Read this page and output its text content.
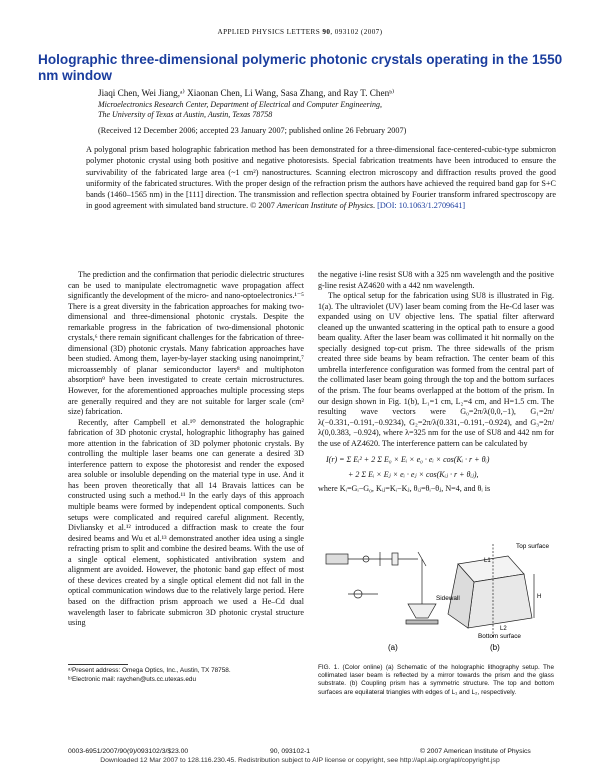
APPLIED PHYSICS LETTERS 90, 093102 (2007)
Holographic three-dimensional polymeric photonic crystals operating in the 1550 nm window
Jiaqi Chen, Wei Jiang,ᵃ⁾ Xiaonan Chen, Li Wang, Sasa Zhang, and Ray T. Chenᵇ⁾
Microelectronics Research Center, Department of Electrical and Computer Engineering,
The University of Texas at Austin, Austin, Texas 78758
(Received 12 December 2006; accepted 23 January 2007; published online 26 February 2007)
A polygonal prism based holographic fabrication method has been demonstrated for a three-dimensional face-centered-cubic-type submicron polymer photonic crystal using both positive and negative photoresists. Special fabrication treatments have been introduced to ensure the survivability of the fabricated large area (~1 cm²) nanostructures. Scanning electron microscopy and diffraction results proved the good uniformity of the fabricated structures. With the proper design of the refraction prism the authors have achieved the required band gap for S+C bands (1460–1565 nm) in the [111] direction. The transmission and reflection spectra obtained by Fourier transform infrared spectroscopy are in good agreement with simulated band structure. © 2007 American Institute of Physics. [DOI: 10.1063/1.2709641]

The prediction and the confirmation that periodic dielectric structures can be used to manipulate electromagnetic wave propagation affect significantly the development of the micro- and nano-optoelectronics.¹⁻⁵ There is a great diversity in the fabrication approaches for making two-dimensional and three-dimensional photonic crystals. Despite the remarkable progress in the fabrication of two-dimensional photonic crystals,⁶ there remain significant challenges for the fabrication of three-dimensional (3D) photonic crystals. Many fabrication approaches have been studied. Among them, layer-by-layer stacking using nanoimprint,⁷ microassembly of planar semiconductor layers⁸ and multiphoton absorption⁹ have been investigated to create certain microstructures. However, for the aforementioned approaches multiple processing steps are generally required and they are not suitable for larger scale (cm² size) fabrication.

Recently, after Campbell et al.¹⁰ demonstrated the holographic fabrication of 3D photonic crystal, holographic lithography has gained more attention in the fabrication of 3D polymer photonic crystals. By controlling the multiple laser beams one can generate a desired 3D interference pattern to expose the photoresist and render the exposed area soluble or insoluble depending on the material type in use. And it has been proven theoretically that all 14 Bravais lattices can be constructed using such a method.¹¹ In the early days of this approach multiple beams were formed by independent optical components. Such setups were complicated and required careful alignment. Recently, Divliansky et al.¹² introduced a diffraction mask to create the four desired beams and Wu et al.¹³ demonstrated another idea using a single refracting prism to split and combine the desired beams. With the use of a single optical element, sophisticated antivibration system and alignment are avoided. However, the photonic band gap effect of most of these devices created by a single optical element did not fall in the optical communication windows due to the relatively large period. Here based on the diffraction prism approach we used a He–Cd dual wavelength laser to fabricate submicron 3D photonic crystal structure using

the negative i-line resist SU8 with a 325 nm wavelength and the positive g-line resist AZ4620 with a 442 nm wavelength.

The optical setup for the fabrication using SU8 is illustrated in Fig. 1(a). The ultraviolet (UV) laser beam coming from the He-Cd laser was expanded using on UV objective lens. The spatial filter afterward cleaned up the unwanted scattering in the optical path to ensure a good beam quality. After the laser beam was collimated it hit normally on the specially designed top-cut prism. The three sidewalls of the prism created three side beams by beam refraction. The center beam of this umbrella interference configuration was formed from the central part of the collimated laser beam going through the top and the bottom surfaces of the prism. The four beams overlapped at the bottom of the prism. In our design shown in Fig. 1(b), L₁=1 cm, L₂=4 cm, and H=1.5 cm. The resulting wave vectors were G₀=2π/λ(0,0,−1), G₁=2π/λ(−0.331,−0.191,−0.9234), G₂=2π/λ(0.331,−0.191,−0.924), and G₃=2π/λ(0,0.383, −0.924), where λ=325 nm for the use of SU8 and 442 nm for the use of AZ4620. The interference pattern can be calculated by

I(r) = Σ Eᵢ² + 2 Σ E₀ × Eᵢ × e₀ · eᵢ × cos(Kᵢ · r + θᵢ)
+ 2 Σ Eᵢ × Eⱼ × eᵢ · eⱼ × cos(Kᵢⱼ · r + θᵢⱼ),

where Kᵢ=Gᵢ−G₀, Kᵢⱼ=Kᵢ−Kⱼ, θᵢⱼ=θᵢ−θⱼ, N=4, and θᵢ is

(a)
Top surface
Sidewall
Bottom surface
L1
L2
H
(b)
FIG. 1. (Color online) (a) Schematic of the holographic lithography setup. The collimated laser beam is reflected by a mirror towards the prism and the glass substrate. (b) Coupling prism has a symmetric structure. The top and bottom surfaces are equilateral triangles with edges of L₁ and L₂, respectively.
ᵃ⁾Present address: Omega Optics, Inc., Austin, TX 78758.
ᵇ⁾Electronic mail: raychen@uts.cc.utexas.edu
0003-6951/2007/90(9)/093102/3/$23.00	90, 093102-1	© 2007 American Institute of Physics
Downloaded 12 Mar 2007 to 128.116.230.45. Redistribution subject to AIP license or copyright, see http://apl.aip.org/apl/copyright.jsp
